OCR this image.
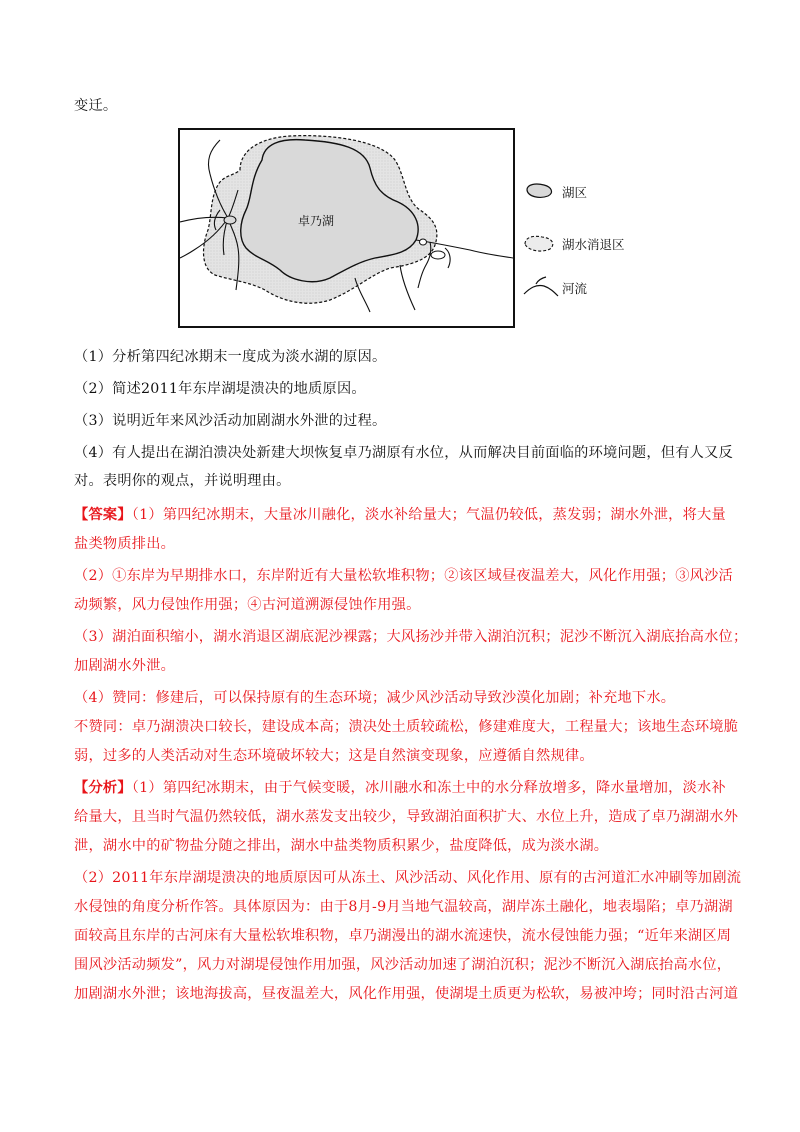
变迁。
卓乃湖
湖区
湖水消退区
河流
（1）分析第四纪冰期末一度成为淡水湖的原因。
（2）简述2011年东岸湖堤溃决的地质原因。
（3）说明近年来风沙活动加剧湖水外泄的过程。
（4）有人提出在湖泊溃决处新建大坝恢复卓乃湖原有水位，从而解决目前面临的环境问题，但有人又反
对。表明你的观点，并说明理由。
【答案】（1）第四纪冰期末，大量冰川融化，淡水补给量大；气温仍较低，蒸发弱；湖水外泄，将大量
盐类物质排出。
（2）①东岸为早期排水口，东岸附近有大量松软堆积物；②该区域昼夜温差大，风化作用强；③风沙活
动频繁，风力侵蚀作用强；④古河道溯源侵蚀作用强。
（3）湖泊面积缩小，湖水消退区湖底泥沙裸露；大风扬沙并带入湖泊沉积；泥沙不断沉入湖底抬高水位；
加剧湖水外泄。
（4）赞同：修建后，可以保持原有的生态环境；减少风沙活动导致沙漠化加剧；补充地下水。
不赞同：卓乃湖溃决口较长，建设成本高；溃决处土质较疏松，修建难度大，工程量大；该地生态环境脆
弱，过多的人类活动对生态环境破坏较大；这是自然演变现象，应遵循自然规律。
【分析】（1）第四纪冰期末，由于气候变暖，冰川融水和冻土中的水分释放增多，降水量增加，淡水补
给量大，且当时气温仍然较低，湖水蒸发支出较少，导致湖泊面积扩大、水位上升，造成了卓乃湖湖水外
泄，湖水中的矿物盐分随之排出，湖水中盐类物质积累少，盐度降低，成为淡水湖。
（2）2011年东岸湖堤溃决的地质原因可从冻土、风沙活动、风化作用、原有的古河道汇水冲刷等加剧流
水侵蚀的角度分析作答。具体原因为：由于8月-9月当地气温较高，湖岸冻土融化，地表塌陷；卓乃湖湖
面较高且东岸的古河床有大量松软堆积物，卓乃湖漫出的湖水流速快，流水侵蚀能力强；“近年来湖区周
围风沙活动频发”，风力对湖堤侵蚀作用加强，风沙活动加速了湖泊沉积；泥沙不断沉入湖底抬高水位，
加剧湖水外泄；该地海拔高，昼夜温差大，风化作用强，使湖堤土质更为松软，易被冲垮；同时沿古河道
